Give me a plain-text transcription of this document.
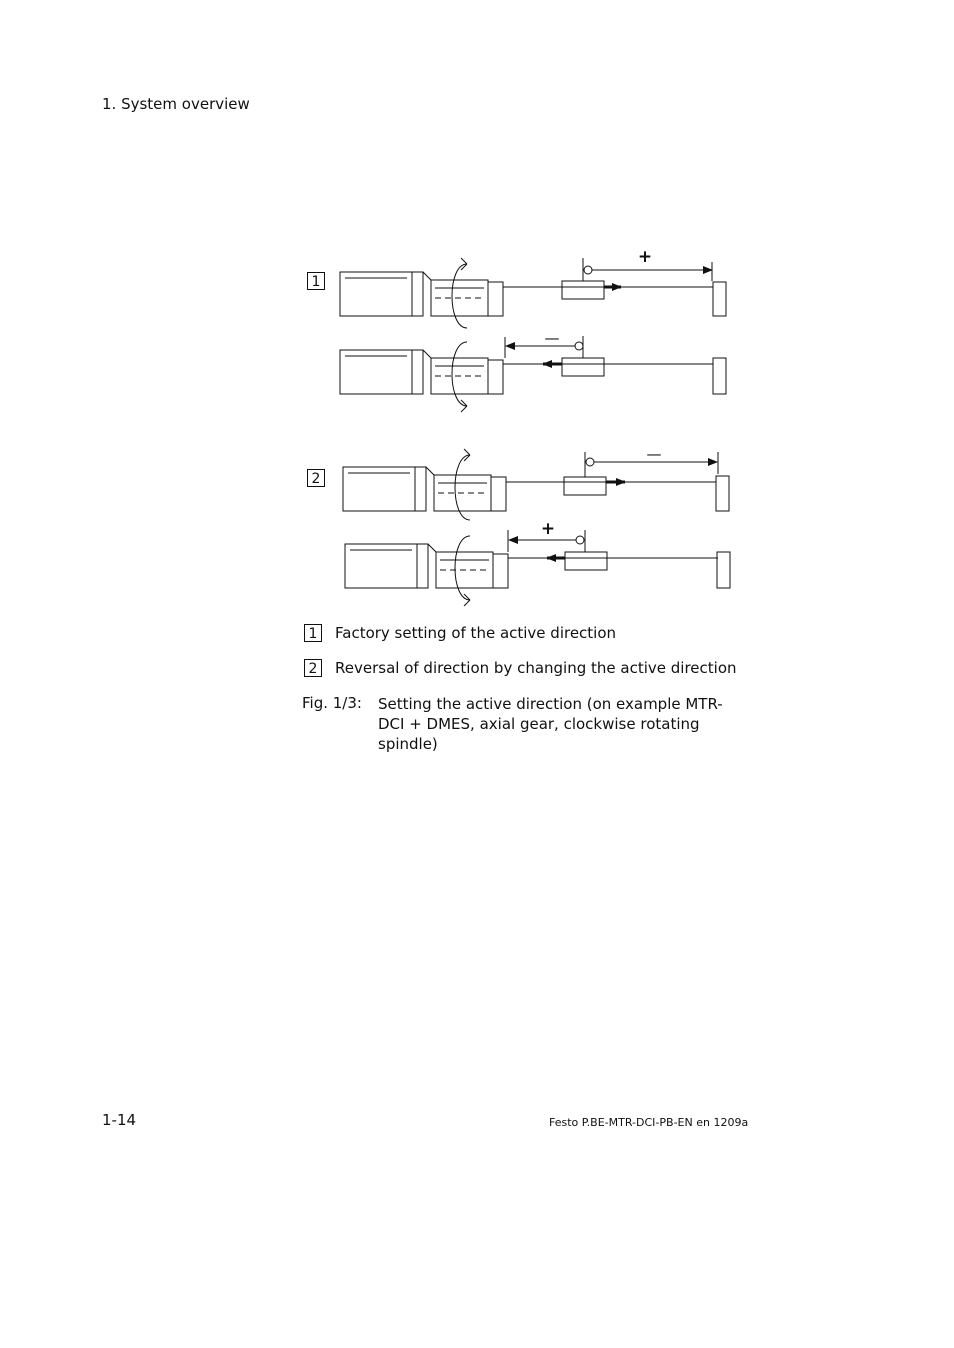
1. System overview
1
2
+
—
—
+
1	Factory setting of the active direction
2	Reversal of direction by changing the active direction
Fig. 1/3: Setting the active direction (on example MTR-DCI + DMES, axial gear, clockwise rotating spindle)
1-14	Festo P.BE-MTR-DCI-PB-EN en 1209a
